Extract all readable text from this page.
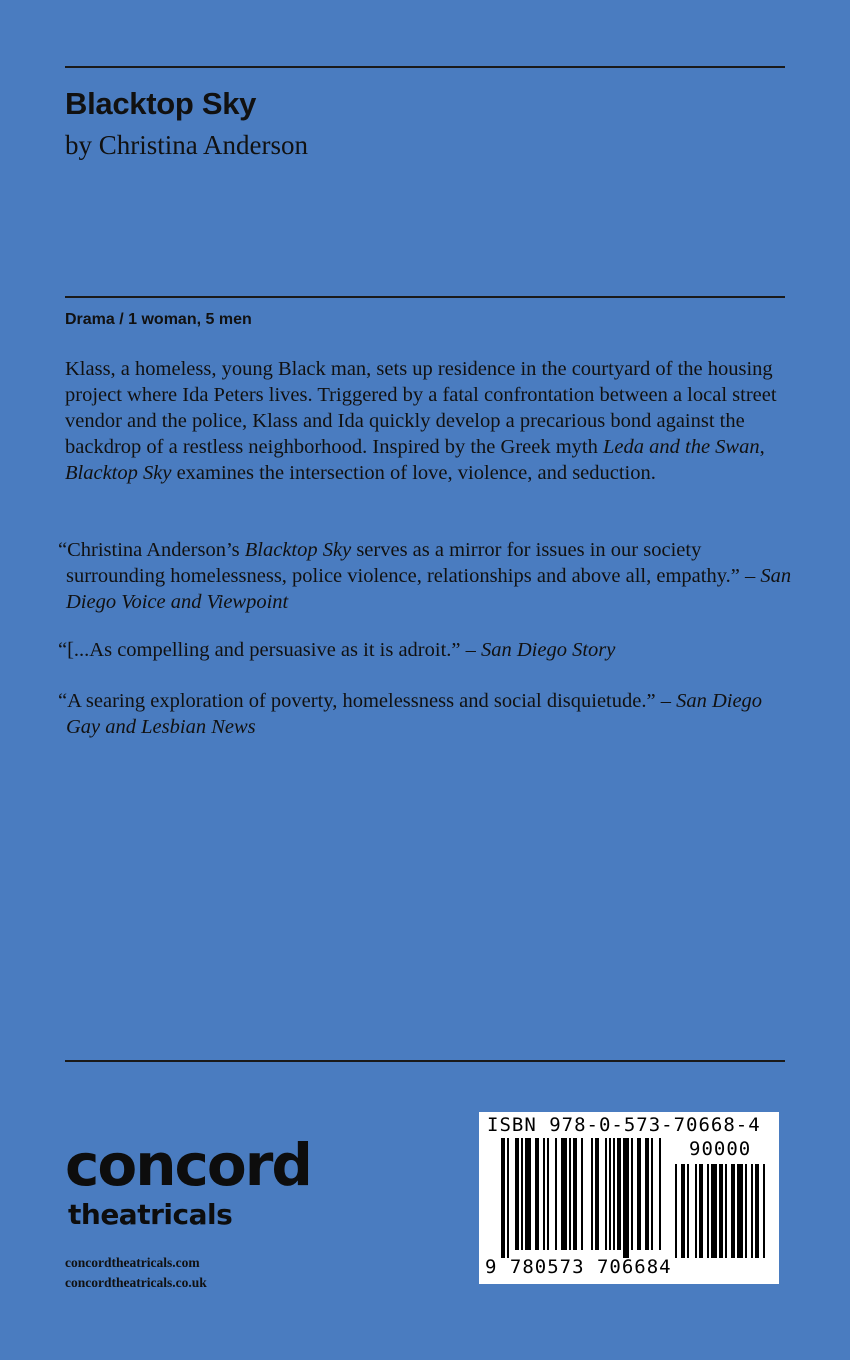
Blacktop Sky

by Christina Anderson

Drama / 1 woman, 5 men

Klass, a homeless, young Black man, sets up residence in the courtyard of the housing project where Ida Peters lives. Triggered by a fatal confrontation between a local street vendor and the police, Klass and Ida quickly develop a precarious bond against the backdrop of a restless neighborhood. Inspired by the Greek myth Leda and the Swan, Blacktop Sky examines the intersection of love, violence, and seduction.

“Christina Anderson’s Blacktop Sky serves as a mirror for issues in our society surrounding homelessness, police violence, relationships and above all, empathy.” – San Diego Voice and Viewpoint

“[...As compelling and persuasive as it is adroit.” – San Diego Story

“A searing exploration of poverty, homelessness and social disquietude.” – San Diego Gay and Lesbian News

concord
theatricals
concordtheatricals.com
concordtheatricals.co.uk
ISBN 978-0-573-70668-4
90000
9 780573 706684
